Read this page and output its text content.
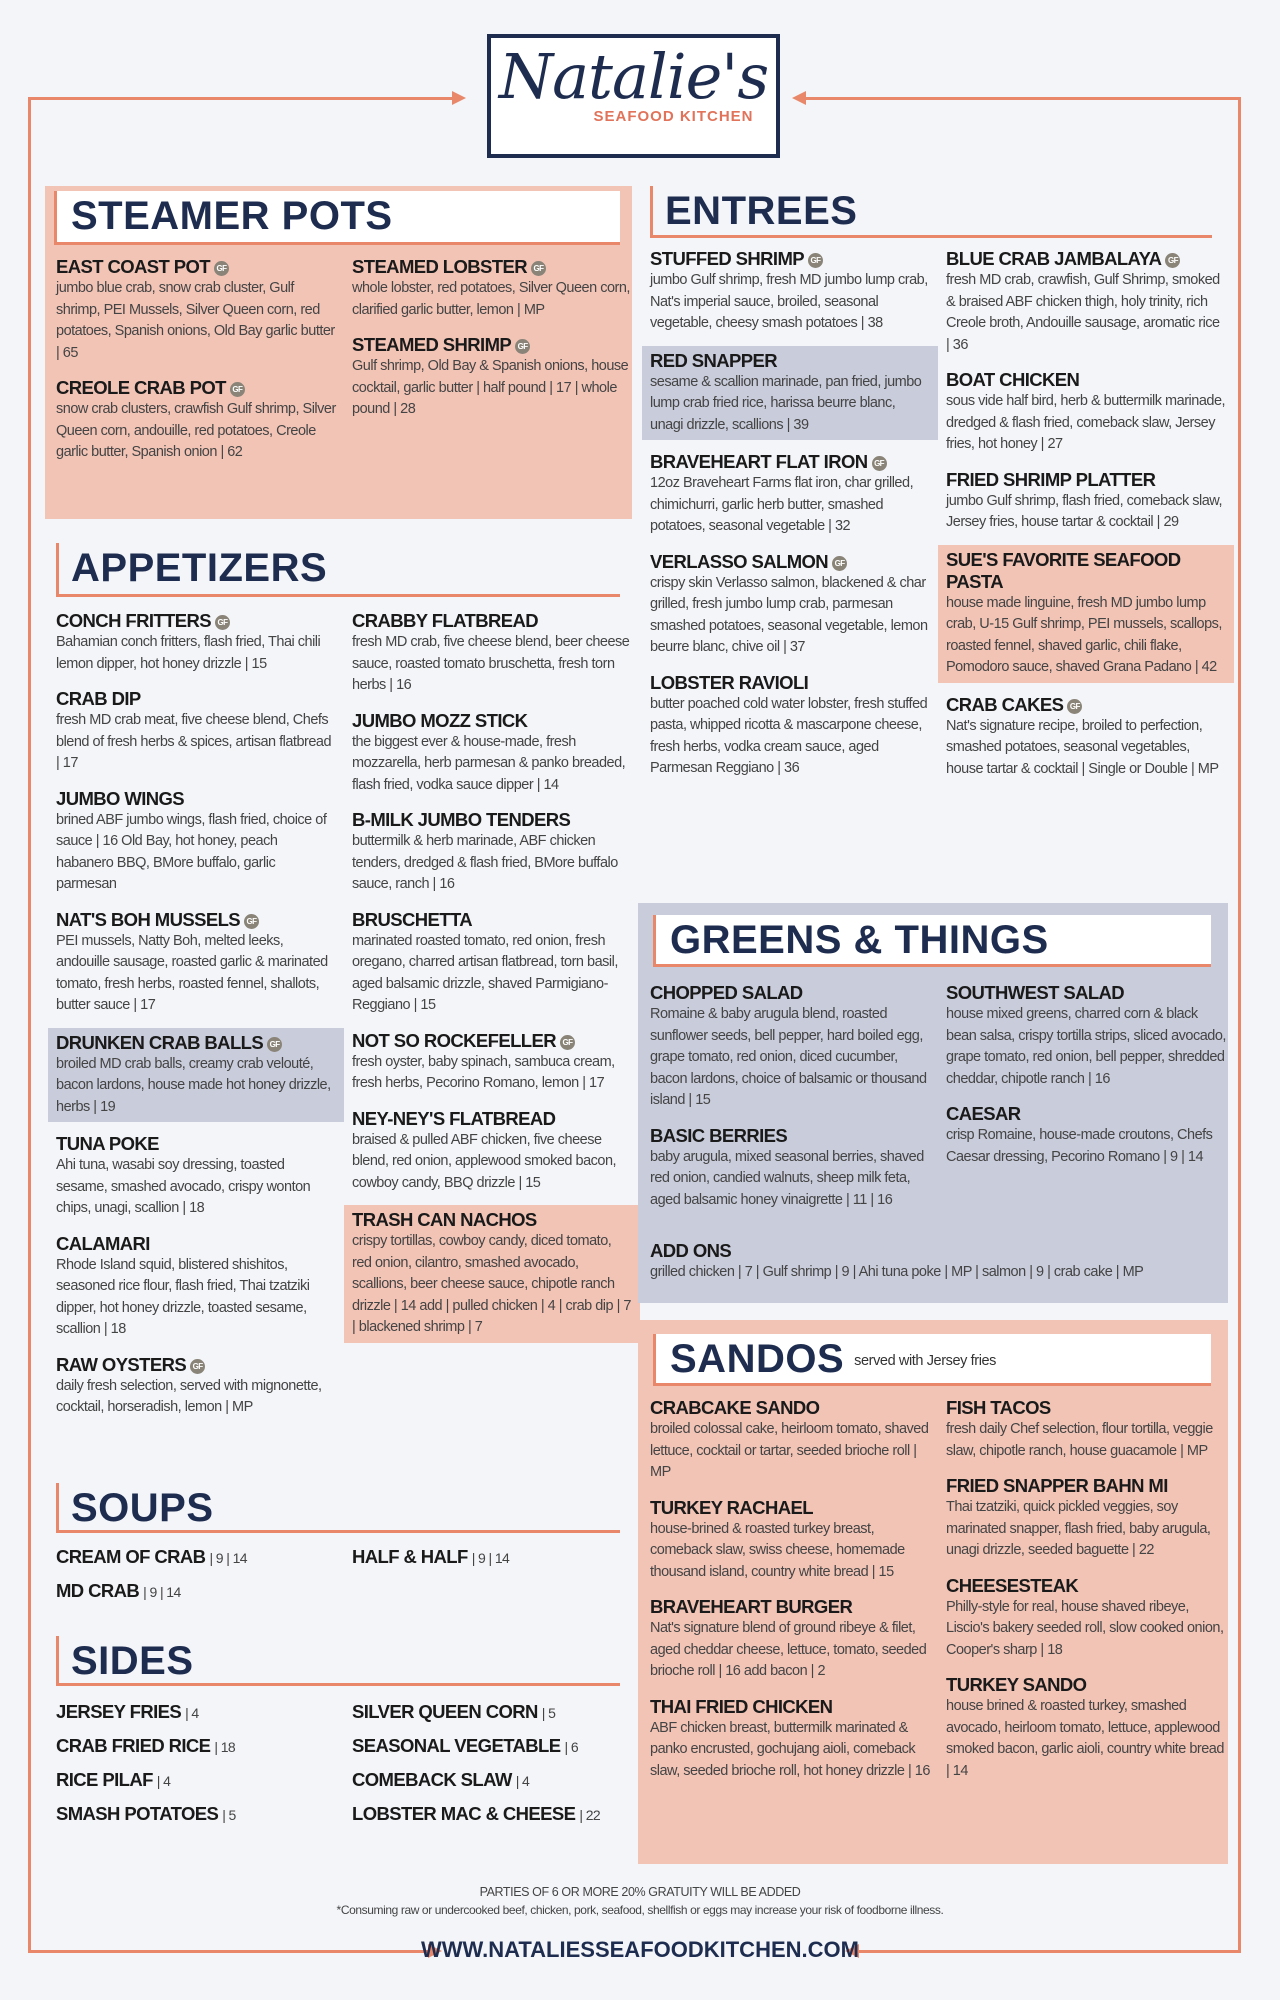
Natalie's
SEAFOOD KITCHEN
STEAMER POTS
EAST COAST POT GF
jumbo blue crab, snow crab cluster, Gulf shrimp, PEI Mussels, Silver Queen corn, red potatoes, Spanish onions, Old Bay garlic butter | 65
CREOLE CRAB POT GF
snow crab clusters, crawfish Gulf shrimp, Silver Queen corn, andouille, red potatoes, Creole garlic butter, Spanish onion | 62
STEAMED LOBSTER GF
whole lobster, red potatoes, Silver Queen corn, clarified garlic butter, lemon | MP
STEAMED SHRIMP GF
Gulf shrimp, Old Bay & Spanish onions, house cocktail, garlic butter | half pound | 17 | whole pound | 28
ENTREES
STUFFED SHRIMP GF
jumbo Gulf shrimp, fresh MD jumbo lump crab, Nat's imperial sauce, broiled, seasonal vegetable, cheesy smash potatoes | 38
RED SNAPPER
sesame & scallion marinade, pan fried, jumbo lump crab fried rice, harissa beurre blanc, unagi drizzle, scallions | 39
BRAVEHEART FLAT IRON GF
12oz Braveheart Farms flat iron, char grilled, chimichurri, garlic herb butter, smashed potatoes, seasonal vegetable | 32
VERLASSO SALMON GF
crispy skin Verlasso salmon, blackened & char grilled, fresh jumbo lump crab, parmesan smashed potatoes, seasonal vegetable, lemon beurre blanc, chive oil | 37
LOBSTER RAVIOLI
butter poached cold water lobster, fresh stuffed pasta, whipped ricotta & mascarpone cheese, fresh herbs, vodka cream sauce, aged Parmesan Reggiano | 36
BLUE CRAB JAMBALAYA GF
fresh MD crab, crawfish, Gulf Shrimp, smoked & braised ABF chicken thigh, holy trinity, rich Creole broth, Andouille sausage, aromatic rice | 36
BOAT CHICKEN
sous vide half bird, herb & buttermilk marinade, dredged & flash fried, comeback slaw, Jersey fries, hot honey | 27
FRIED SHRIMP PLATTER
jumbo Gulf shrimp, flash fried, comeback slaw, Jersey fries, house tartar & cocktail | 29
SUE'S FAVORITE SEAFOOD PASTA
house made linguine, fresh MD jumbo lump crab, U-15 Gulf shrimp, PEI mussels, scallops, roasted fennel, shaved garlic, chili flake, Pomodoro sauce, shaved Grana Padano | 42
CRAB CAKES GF
Nat's signature recipe, broiled to perfection, smashed potatoes, seasonal vegetables, house tartar & cocktail | Single or Double | MP
APPETIZERS
CONCH FRITTERS GF
Bahamian conch fritters, flash fried, Thai chili lemon dipper, hot honey drizzle | 15
CRAB DIP
fresh MD crab meat, five cheese blend, Chefs blend of fresh herbs & spices, artisan flatbread | 17
JUMBO WINGS
brined ABF jumbo wings, flash fried, choice of sauce | 16 Old Bay, hot honey, peach habanero BBQ, BMore buffalo, garlic parmesan
NAT'S BOH MUSSELS GF
PEI mussels, Natty Boh, melted leeks, andouille sausage, roasted garlic & marinated tomato, fresh herbs, roasted fennel, shallots, butter sauce | 17
DRUNKEN CRAB BALLS GF
broiled MD crab balls, creamy crab velouté, bacon lardons, house made hot honey drizzle, herbs | 19
TUNA POKE
Ahi tuna, wasabi soy dressing, toasted sesame, smashed avocado, crispy wonton chips, unagi, scallion | 18
CALAMARI
Rhode Island squid, blistered shishitos, seasoned rice flour, flash fried, Thai tzatziki dipper, hot honey drizzle, toasted sesame, scallion | 18
RAW OYSTERS GF
daily fresh selection, served with mignonette, cocktail, horseradish, lemon | MP
CRABBY FLATBREAD
fresh MD crab, five cheese blend, beer cheese sauce, roasted tomato bruschetta, fresh torn herbs | 16
JUMBO MOZZ STICK
the biggest ever & house-made, fresh mozzarella, herb parmesan & panko breaded, flash fried, vodka sauce dipper | 14
B-MILK JUMBO TENDERS
buttermilk & herb marinade, ABF chicken tenders, dredged & flash fried, BMore buffalo sauce, ranch | 16
BRUSCHETTA
marinated roasted tomato, red onion, fresh oregano, charred artisan flatbread, torn basil, aged balsamic drizzle, shaved Parmigiano-Reggiano | 15
NOT SO ROCKEFELLER GF
fresh oyster, baby spinach, sambuca cream, fresh herbs, Pecorino Romano, lemon | 17
NEY-NEY'S FLATBREAD
braised & pulled ABF chicken, five cheese blend, red onion, applewood smoked bacon, cowboy candy, BBQ drizzle | 15
TRASH CAN NACHOS
crispy tortillas, cowboy candy, diced tomato, red onion, cilantro, smashed avocado, scallions, beer cheese sauce, chipotle ranch drizzle | 14 add | pulled chicken | 4 | crab dip | 7 | blackened shrimp | 7
GREENS & THINGS
CHOPPED SALAD
Romaine & baby arugula blend, roasted sunflower seeds, bell pepper, hard boiled egg, grape tomato, red onion, diced cucumber, bacon lardons, choice of balsamic or thousand island | 15
BASIC BERRIES
baby arugula, mixed seasonal berries, shaved red onion, candied walnuts, sheep milk feta, aged balsamic honey vinaigrette | 11 | 16
SOUTHWEST SALAD
house mixed greens, charred corn & black bean salsa, crispy tortilla strips, sliced avocado, grape tomato, red onion, bell pepper, shredded cheddar, chipotle ranch | 16
CAESAR
crisp Romaine, house-made croutons, Chefs Caesar dressing, Pecorino Romano | 9 | 14
ADD ONS
grilled chicken | 7 | Gulf shrimp | 9 | Ahi tuna poke | MP | salmon | 9 | crab cake | MP
SANDOS served with Jersey fries
CRABCAKE SANDO
broiled colossal cake, heirloom tomato, shaved lettuce, cocktail or tartar, seeded brioche roll | MP
TURKEY RACHAEL
house-brined & roasted turkey breast, comeback slaw, swiss cheese, homemade thousand island, country white bread | 15
BRAVEHEART BURGER
Nat's signature blend of ground ribeye & filet, aged cheddar cheese, lettuce, tomato, seeded brioche roll | 16 add bacon | 2
THAI FRIED CHICKEN
ABF chicken breast, buttermilk marinated & panko encrusted, gochujang aioli, comeback slaw, seeded brioche roll, hot honey drizzle | 16
FISH TACOS
fresh daily Chef selection, flour tortilla, veggie slaw, chipotle ranch, house guacamole | MP
FRIED SNAPPER BAHN MI
Thai tzatziki, quick pickled veggies, soy marinated snapper, flash fried, baby arugula, unagi drizzle, seeded baguette | 22
CHEESESTEAK
Philly-style for real, house shaved ribeye, Liscio's bakery seeded roll, slow cooked onion, Cooper's sharp | 18
TURKEY SANDO
house brined & roasted turkey, smashed avocado, heirloom tomato, lettuce, applewood smoked bacon, garlic aioli, country white bread | 14
SOUPS
CREAM OF CRAB | 9 | 14
MD CRAB | 9 | 14
HALF & HALF | 9 | 14
SIDES
JERSEY FRIES | 4
CRAB FRIED RICE | 18
RICE PILAF | 4
SMASH POTATOES | 5
SILVER QUEEN CORN | 5
SEASONAL VEGETABLE | 6
COMEBACK SLAW | 4
LOBSTER MAC & CHEESE | 22
PARTIES OF 6 OR MORE 20% GRATUITY WILL BE ADDED
*Consuming raw or undercooked beef, chicken, pork, seafood, shellfish or eggs may increase your risk of foodborne illness.
WWW.NATALIESSEAFOODKITCHEN.COM
